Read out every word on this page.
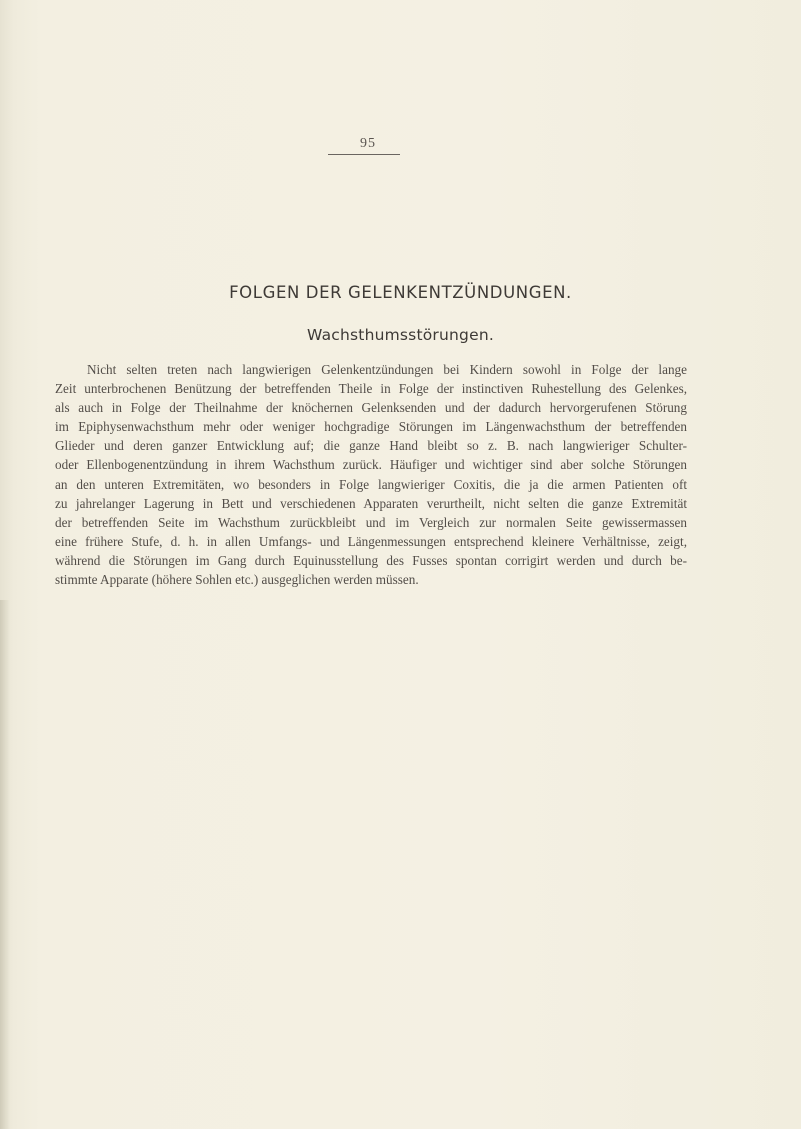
95
FOLGEN DER GELENKENTZÜNDUNGEN.
Wachsthumsstörungen.
Nicht selten treten nach langwierigen Gelenkentzündungen bei Kindern sowohl in Folge der lange
Zeit unterbrochenen Benützung der betreffenden Theile in Folge der instinctiven Ruhestellung des Gelenkes,
als auch in Folge der Theilnahme der knöchernen Gelenksenden und der dadurch hervorgerufenen Störung
im Epiphysenwachsthum mehr oder weniger hochgradige Störungen im Längenwachsthum der betreffenden
Glieder und deren ganzer Entwicklung auf; die ganze Hand bleibt so z. B. nach langwieriger Schulter-
oder Ellenbogenentzündung in ihrem Wachsthum zurück. Häufiger und wichtiger sind aber solche Störungen
an den unteren Extremitäten, wo besonders in Folge langwieriger Coxitis, die ja die armen Patienten oft
zu jahrelanger Lagerung in Bett und verschiedenen Apparaten verurtheilt, nicht selten die ganze Extremität
der betreffenden Seite im Wachsthum zurückbleibt und im Vergleich zur normalen Seite gewissermassen
eine frühere Stufe, d. h. in allen Umfangs- und Längenmessungen entsprechend kleinere Verhältnisse, zeigt,
während die Störungen im Gang durch Equinusstellung des Fusses spontan corrigirt werden und durch be-
stimmte Apparate (höhere Sohlen etc.) ausgeglichen werden müssen.
